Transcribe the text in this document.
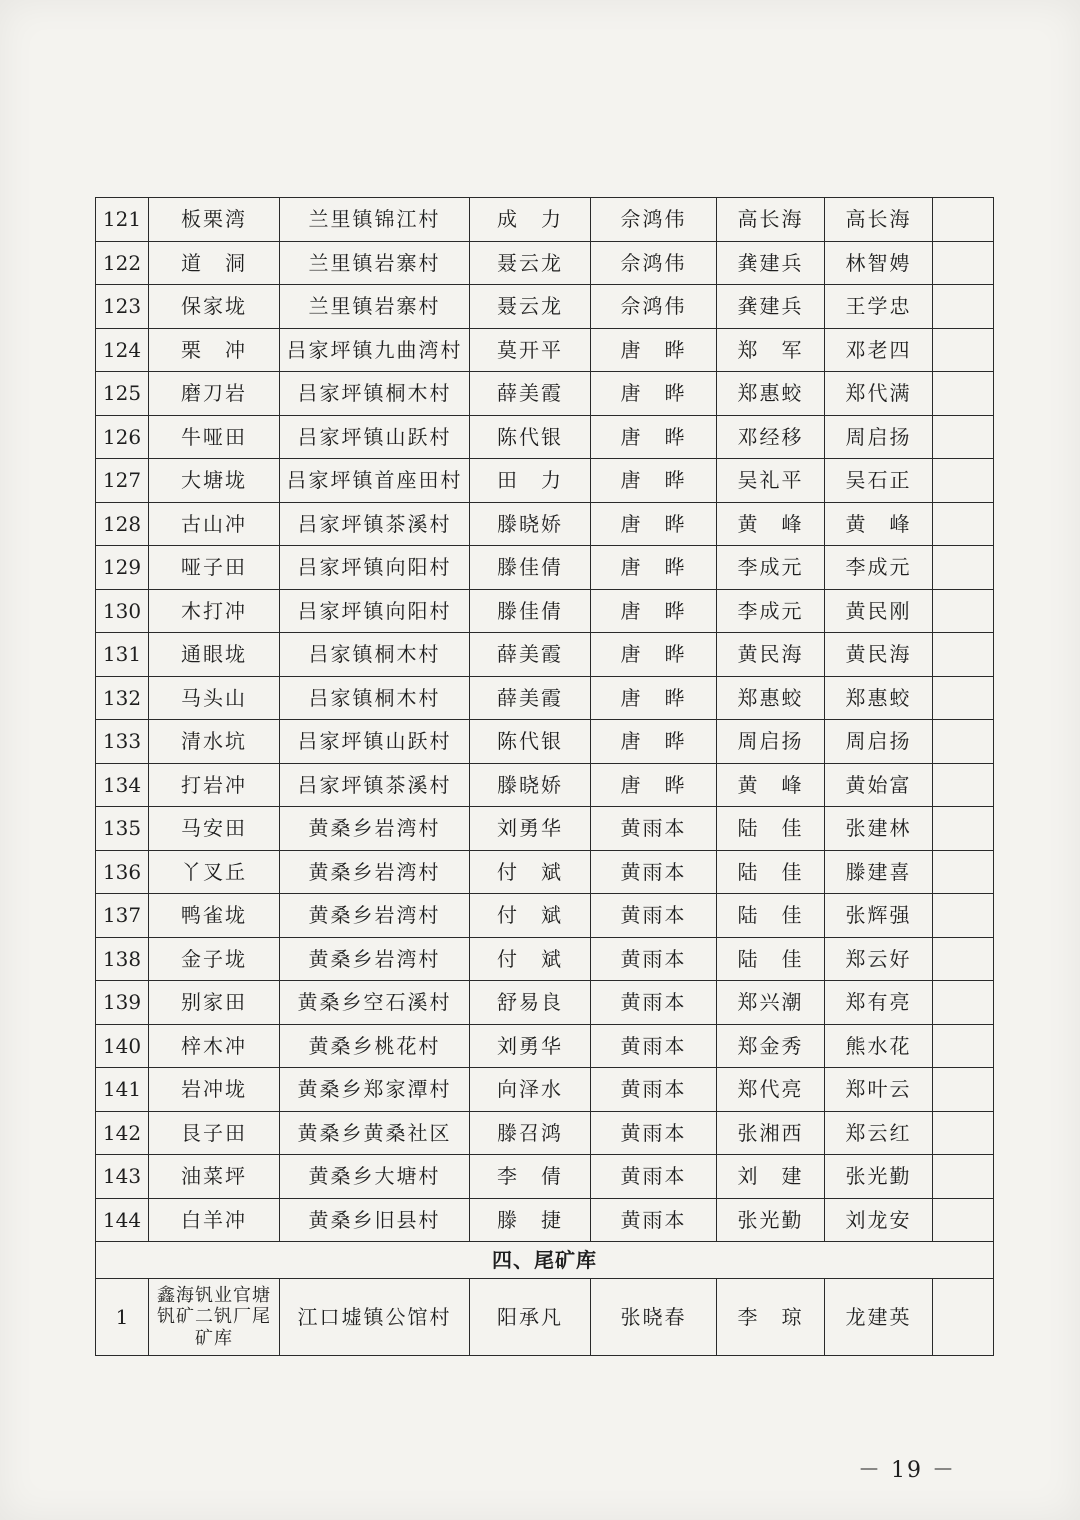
121	板栗湾	兰里镇锦江村	成　力	佘鸿伟	高长海	高长海	
122	道　洞	兰里镇岩寨村	聂云龙	佘鸿伟	龚建兵	林智娉	
123	保家垅	兰里镇岩寨村	聂云龙	佘鸿伟	龚建兵	王学忠	
124	栗　冲	吕家坪镇九曲湾村	莫开平	唐　晔	郑　军	邓老四	
125	磨刀岩	吕家坪镇桐木村	薛美霞	唐　晔	郑惠蛟	郑代满	
126	牛哑田	吕家坪镇山跃村	陈代银	唐　晔	邓经移	周启扬	
127	大塘垅	吕家坪镇首座田村	田　力	唐　晔	吴礼平	吴石正	
128	古山冲	吕家坪镇茶溪村	滕晓娇	唐　晔	黄　峰	黄　峰	
129	哑子田	吕家坪镇向阳村	滕佳倩	唐　晔	李成元	李成元	
130	木打冲	吕家坪镇向阳村	滕佳倩	唐　晔	李成元	黄民刚	
131	通眼垅	吕家镇桐木村	薛美霞	唐　晔	黄民海	黄民海	
132	马头山	吕家镇桐木村	薛美霞	唐　晔	郑惠蛟	郑惠蛟	
133	清水坑	吕家坪镇山跃村	陈代银	唐　晔	周启扬	周启扬	
134	打岩冲	吕家坪镇茶溪村	滕晓娇	唐　晔	黄　峰	黄始富	
135	马安田	黄桑乡岩湾村	刘勇华	黄雨本	陆　佳	张建林	
136	丫叉丘	黄桑乡岩湾村	付　斌	黄雨本	陆　佳	滕建喜	
137	鸭雀垅	黄桑乡岩湾村	付　斌	黄雨本	陆　佳	张辉强	
138	金子垅	黄桑乡岩湾村	付　斌	黄雨本	陆　佳	郑云好	
139	别家田	黄桑乡空石溪村	舒易良	黄雨本	郑兴潮	郑有亮	
140	梓木冲	黄桑乡桃花村	刘勇华	黄雨本	郑金秀	熊水花	
141	岩冲垅	黄桑乡郑家潭村	向泽水	黄雨本	郑代亮	郑叶云	
142	艮子田	黄桑乡黄桑社区	滕召鸿	黄雨本	张湘西	郑云红	
143	油菜坪	黄桑乡大塘村	李　倩	黄雨本	刘　建	张光勤	
144	白羊冲	黄桑乡旧县村	滕　捷	黄雨本	张光勤	刘龙安	
四、尾矿库							
1	鑫海钒业官塘钒矿二钒厂尾矿库	江口墟镇公馆村	阳承凡	张晓春	李　琼	龙建英	
－ 19 －
